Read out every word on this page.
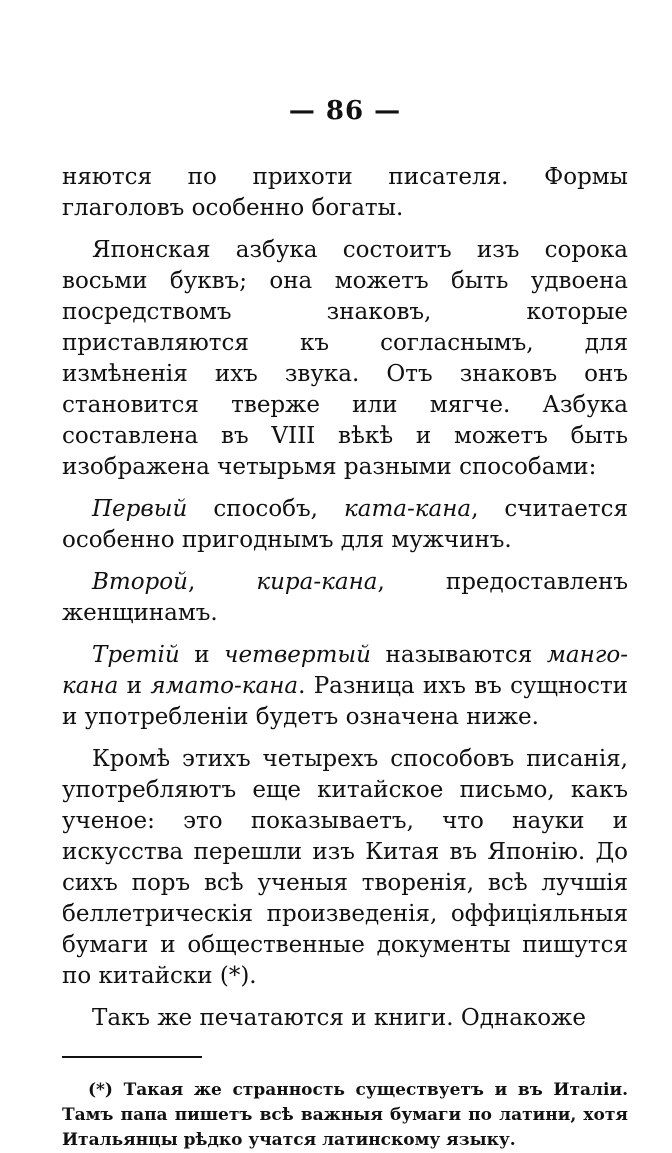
— 86 —

няются по прихоти писателя. Формы глаголовъ особенно богаты.

Японская азбука состоитъ изъ сорока восьми буквъ; она можетъ быть удвоена посредствомъ знаковъ, которые приставляются къ согласнымъ, для измѣненія ихъ звука. Отъ знаковъ онъ становится тверже или мягче. Азбука составлена въ VIII вѣкѣ и можетъ быть изображена четырьмя разными способами:

Первый способъ, ката-кана, считается особенно пригоднымъ для мужчинъ.

Второй, кира-кана, предоставленъ женщинамъ.

Третій и четвертый называются манго-кана и ямато-кана. Разница ихъ въ сущности и употребленіи будетъ означена ниже.

Кромѣ этихъ четырехъ способовъ писанія, употребляютъ еще китайское письмо, какъ ученое: это показываетъ, что науки и искусства перешли изъ Китая въ Японію. До сихъ поръ всѣ ученыя творенія, всѣ лучшія беллетрическія произведенія, оффиціяльныя бумаги и общественные документы пишутся по китайски (*).

Такъ же печатаются и книги. Однакоже

(*) Такая же странность существуетъ и въ Италіи. Тамъ папа пишетъ всѣ важныя бумаги по латини, хотя Итальянцы рѣдко учатся латинскому языку.
